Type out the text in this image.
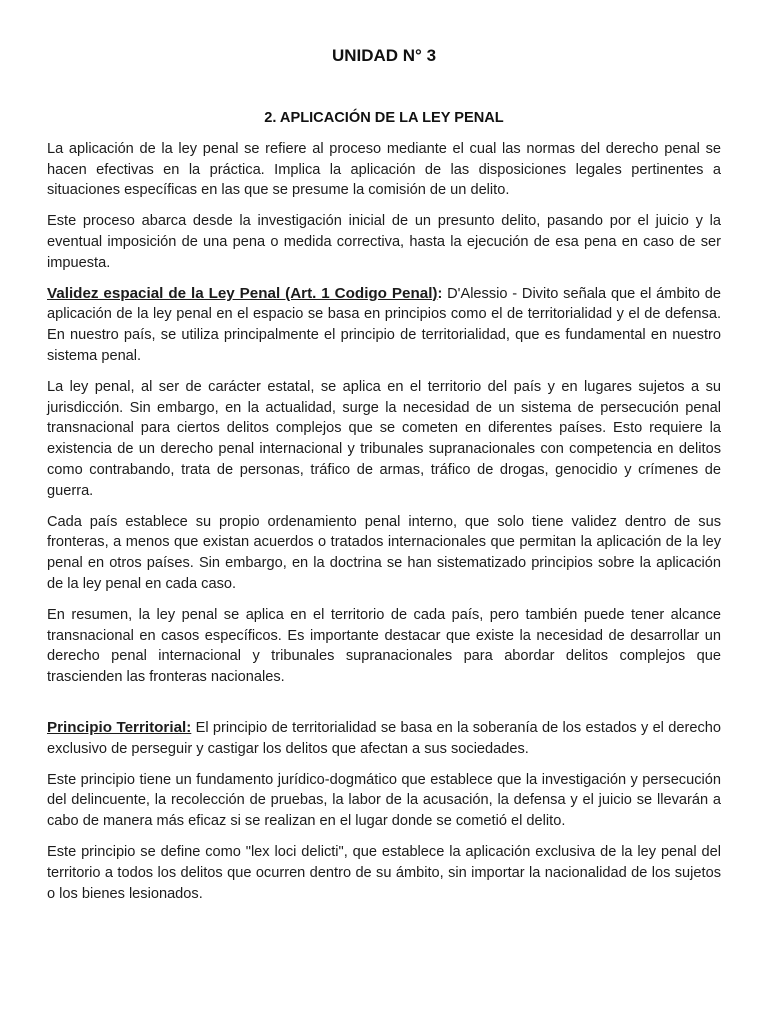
UNIDAD N° 3
2. APLICACIÓN DE LA LEY PENAL

La aplicación de la ley penal se refiere al proceso mediante el cual las normas del derecho penal se hacen efectivas en la práctica. Implica la aplicación de las disposiciones legales pertinentes a situaciones específicas en las que se presume la comisión de un delito.

Este proceso abarca desde la investigación inicial de un presunto delito, pasando por el juicio y la eventual imposición de una pena o medida correctiva, hasta la ejecución de esa pena en caso de ser impuesta.

Validez espacial de la Ley Penal (Art. 1 Codigo Penal): D'Alessio - Divito señala que el ámbito de aplicación de la ley penal en el espacio se basa en principios como el de territorialidad y el de defensa. En nuestro país, se utiliza principalmente el principio de territorialidad, que es fundamental en nuestro sistema penal.

La ley penal, al ser de carácter estatal, se aplica en el territorio del país y en lugares sujetos a su jurisdicción. Sin embargo, en la actualidad, surge la necesidad de un sistema de persecución penal transnacional para ciertos delitos complejos que se cometen en diferentes países. Esto requiere la existencia de un derecho penal internacional y tribunales supranacionales con competencia en delitos como contrabando, trata de personas, tráfico de armas, tráfico de drogas, genocidio y crímenes de guerra.

Cada país establece su propio ordenamiento penal interno, que solo tiene validez dentro de sus fronteras, a menos que existan acuerdos o tratados internacionales que permitan la aplicación de la ley penal en otros países. Sin embargo, en la doctrina se han sistematizado principios sobre la aplicación de la ley penal en cada caso.

En resumen, la ley penal se aplica en el territorio de cada país, pero también puede tener alcance transnacional en casos específicos. Es importante destacar que existe la necesidad de desarrollar un derecho penal internacional y tribunales supranacionales para abordar delitos complejos que trascienden las fronteras nacionales.

Principio Territorial: El principio de territorialidad se basa en la soberanía de los estados y el derecho exclusivo de perseguir y castigar los delitos que afectan a sus sociedades.

Este principio tiene un fundamento jurídico-dogmático que establece que la investigación y persecución del delincuente, la recolección de pruebas, la labor de la acusación, la defensa y el juicio se llevarán a cabo de manera más eficaz si se realizan en el lugar donde se cometió el delito.

Este principio se define como "lex loci delicti", que establece la aplicación exclusiva de la ley penal del territorio a todos los delitos que ocurren dentro de su ámbito, sin importar la nacionalidad de los sujetos o los bienes lesionados.
